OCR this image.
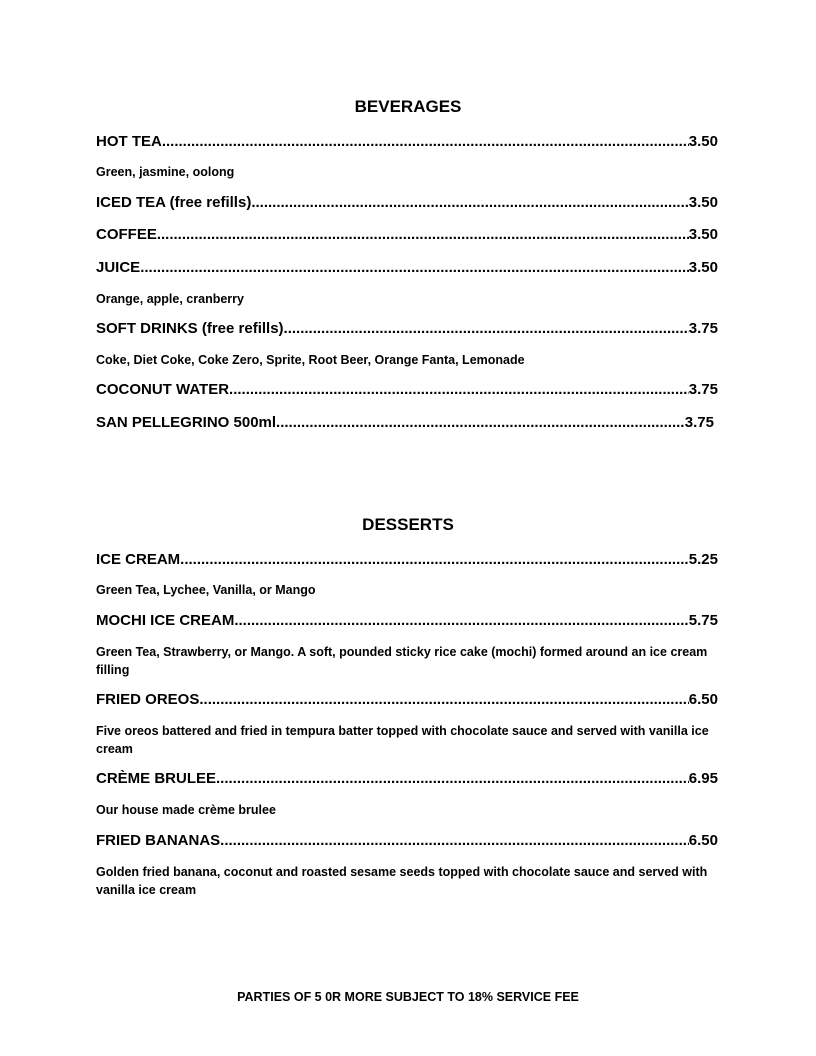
BEVERAGES
HOT TEA .....	3.50
Green, jasmine, oolong
ICED TEA (free refills) .....	3.50
COFFEE .....	3.50
JUICE .....	3.50
Orange, apple, cranberry
SOFT DRINKS (free refills) .....	3.75
Coke, Diet Coke, Coke Zero, Sprite, Root Beer, Orange Fanta, Lemonade
COCONUT WATER .....	3.75
SAN PELLEGRINO 500ml .....	3.75
DESSERTS
ICE CREAM .....	5.25
Green Tea, Lychee, Vanilla, or Mango
MOCHI ICE CREAM .....	5.75
Green Tea, Strawberry, or Mango. A soft, pounded sticky rice cake (mochi) formed around an ice cream filling
FRIED OREOS .....	6.50
Five oreos battered and fried in tempura batter topped with chocolate sauce and served with vanilla ice cream
CRÈME BRULEE .....	6.95
Our house made crème brulee
FRIED BANANAS .....	6.50
Golden fried banana, coconut and roasted sesame seeds topped with chocolate sauce and served with vanilla ice cream
PARTIES OF 5 0R MORE SUBJECT TO 18% SERVICE FEE
